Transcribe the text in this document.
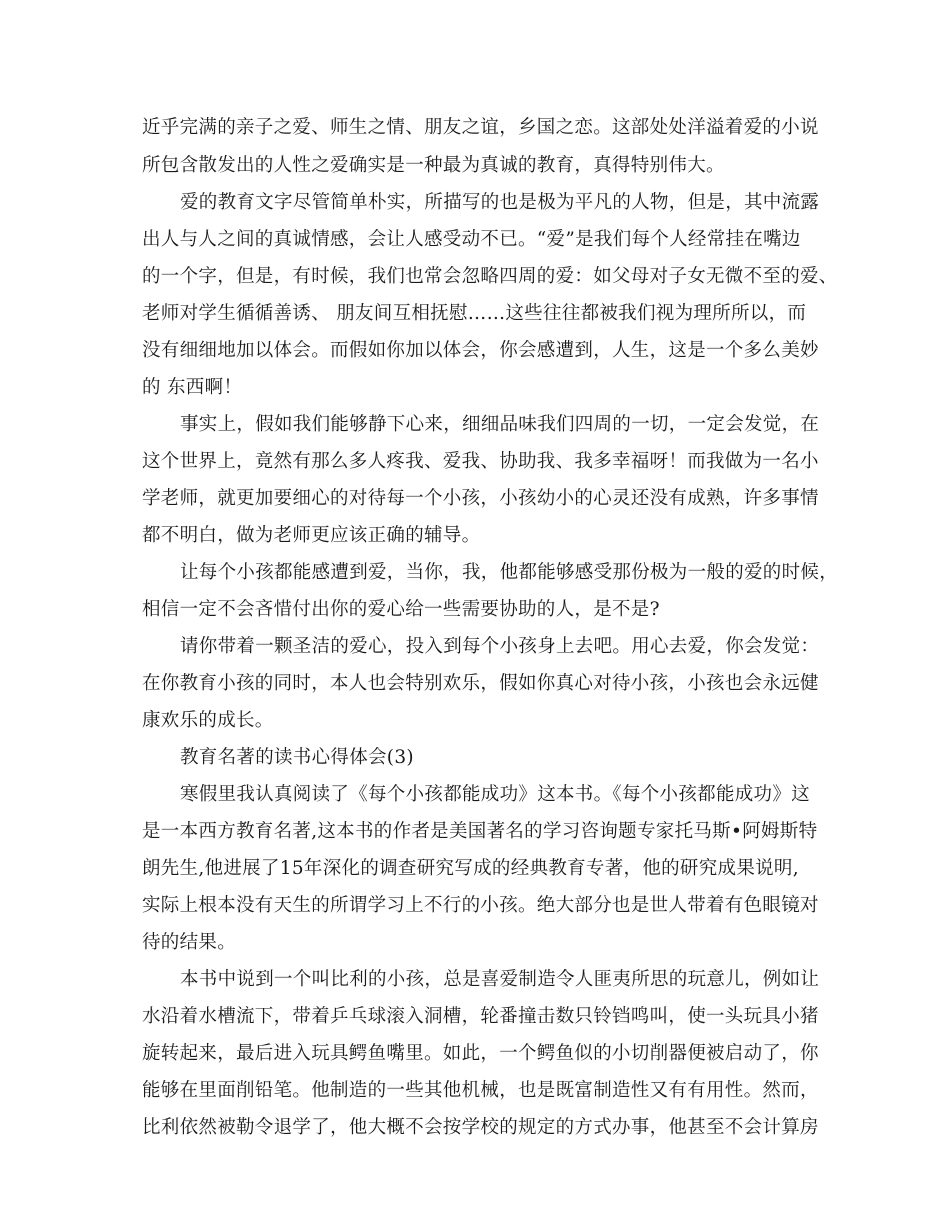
近乎完满的亲子之爱、师生之情、朋友之谊，乡国之恋。这部处处洋溢着爱的小说
所包含散发出的人性之爱确实是一种最为真诚的教育，真得特别伟大。
爱的教育文字尽管简单朴实，所描写的也是极为平凡的人物，但是，其中流露
出人与人之间的真诚情感，会让人感受动不已。“爱”是我们每个人经常挂在嘴边
的一个字，但是，有时候，我们也常会忽略四周的爱：如父母对子女无微不至的爱、
老师对学生循循善诱、 朋友间互相抚慰……这些往往都被我们视为理所所以，而
没有细细地加以体会。而假如你加以体会，你会感遭到，人生，这是一个多么美妙
的 东西啊！
事实上，假如我们能够静下心来，细细品味我们四周的一切，一定会发觉，在
这个世界上，竟然有那么多人疼我、爱我、协助我、我多幸福呀！而我做为一名小
学老师，就更加要细心的对待每一个小孩，小孩幼小的心灵还没有成熟，许多事情
都不明白，做为老师更应该正确的辅导。
让每个小孩都能感遭到爱，当你，我，他都能够感受那份极为一般的爱的时候，
相信一定不会吝惜付出你的爱心给一些需要协助的人，是不是?
请你带着一颗圣洁的爱心，投入到每个小孩身上去吧。用心去爱，你会发觉：
在你教育小孩的同时，本人也会特别欢乐，假如你真心对待小孩，小孩也会永远健
康欢乐的成长。
教育名著的读书心得体会(3)
寒假里我认真阅读了《每个小孩都能成功》这本书。《每个小孩都能成功》这
是一本西方教育名著,这本书的作者是美国著名的学习咨询题专家托马斯•阿姆斯特
朗先生,他进展了15年深化的调查研究写成的经典教育专著，他的研究成果说明,
实际上根本没有天生的所谓学习上不行的小孩。绝大部分也是世人带着有色眼镜对
待的结果。
本书中说到一个叫比利的小孩，总是喜爱制造令人匪夷所思的玩意儿，例如让
水沿着水槽流下，带着乒乓球滚入洞槽，轮番撞击数只铃铛鸣叫，使一头玩具小猪
旋转起来，最后进入玩具鳄鱼嘴里。如此，一个鳄鱼似的小切削器便被启动了，你
能够在里面削铅笔。他制造的一些其他机械，也是既富制造性又有有用性。然而，
比利依然被勒令退学了，他大概不会按学校的规定的方式办事，他甚至不会计算房
